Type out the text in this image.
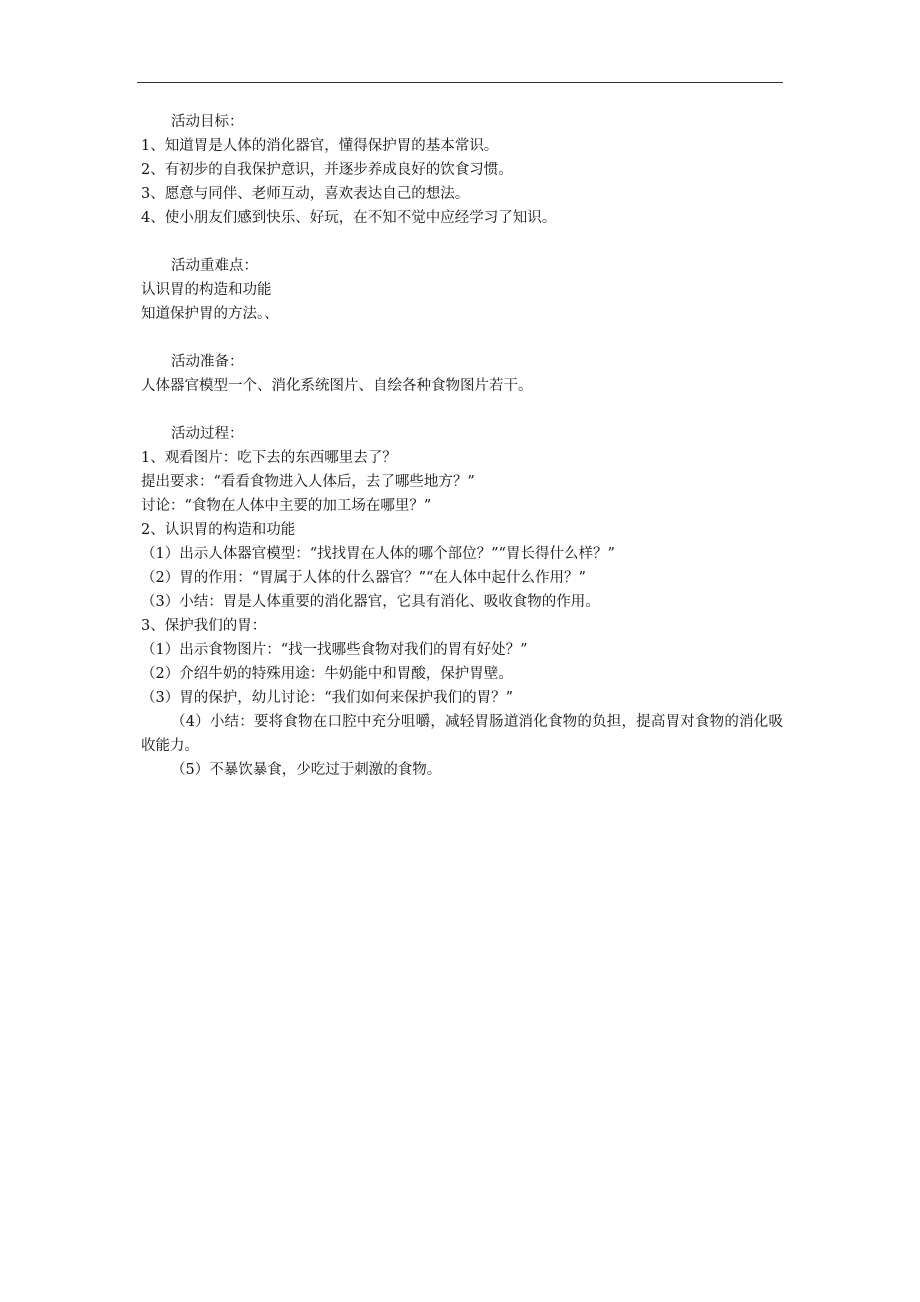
活动目标：

1、知道胃是人体的消化器官，懂得保护胃的基本常识。

2、有初步的自我保护意识，并逐步养成良好的饮食习惯。

3、愿意与同伴、老师互动，喜欢表达自己的想法。

4、使小朋友们感到快乐、好玩，在不知不觉中应经学习了知识。

活动重难点：

认识胃的构造和功能

知道保护胃的方法。、

活动准备：

人体器官模型一个、消化系统图片、自绘各种食物图片若干。

活动过程：

1、观看图片：吃下去的东西哪里去了？

提出要求：“看看食物进入人体后，去了哪些地方？”

讨论：“食物在人体中主要的加工场在哪里？”

2、认识胃的构造和功能

（1）出示人体器官模型：“找找胃在人体的哪个部位？”“胃长得什么样？”

（2）胃的作用：“胃属于人体的什么器官？”“在人体中起什么作用？”

（3）小结：胃是人体重要的消化器官，它具有消化、吸收食物的作用。

3、保护我们的胃：

（1）出示食物图片：“找一找哪些食物对我们的胃有好处？”

（2）介绍牛奶的特殊用途：牛奶能中和胃酸，保护胃壁。

（3）胃的保护，幼儿讨论：“我们如何来保护我们的胃？”

（4）小结：要将食物在口腔中充分咀嚼，减轻胃肠道消化食物的负担，提高胃对食物的消化吸收能力。

（5）不暴饮暴食，少吃过于刺激的食物。
